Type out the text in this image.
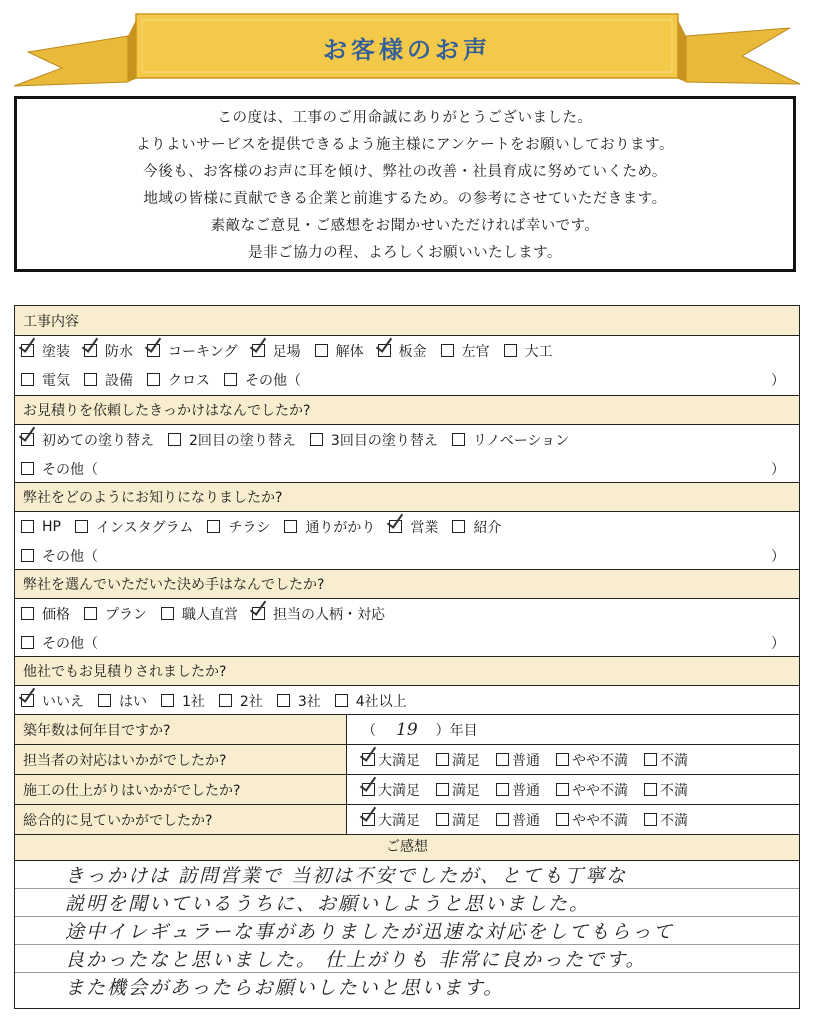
お客様のお声
この度は、工事のご用命誠にありがとうございました。
よりよいサービスを提供できるよう施主様にアンケートをお願いしております。
今後も、お客様のお声に耳を傾け、弊社の改善・社員育成に努めていくため。
地域の皆様に貢献できる企業と前進するため。の参考にさせていただきます。
素敵なご意見・ご感想をお聞かせいただければ幸いです。
是非ご協力の程、よろしくお願いいたします。
工事内容
塗装	防水	コーキング	足場	解体	板金	左官	大工
電気	設備	クロス	その他（	）
お見積りを依頼したきっかけはなんでしたか?
初めての塗り替え	2回目の塗り替え	3回目の塗り替え	リノベーション
その他（	）
弊社をどのようにお知りになりましたか?
HP	インスタグラム	チラシ	通りがかり	営業	紹介
その他（	）
弊社を選んでいただいた決め手はなんでしたか?
価格	プラン	職人直営	担当の人柄・対応
その他（	）
他社でもお見積りされましたか?
いいえ	はい	1社	2社	3社	4社以上
築年数は何年目ですか?	（ 19 ）年目
担当者の対応はいかがでしたか?	大満足 満足 普通 やや不満 不満
施工の仕上がりはいかがでしたか?	大満足 満足 普通 やや不満 不満
総合的に見ていかがでしたか?	大満足 満足 普通 やや不満 不満
ご感想
きっかけは 訪問営業で 当初は不安でしたが、とても丁寧な
説明を聞いているうちに、お願いしようと思いました。
途中イレギュラーな事がありましたが迅速な対応をしてもらって
良かったなと思いました。 仕上がりも 非常に良かったです。
また機会があったらお願いしたいと思います。
